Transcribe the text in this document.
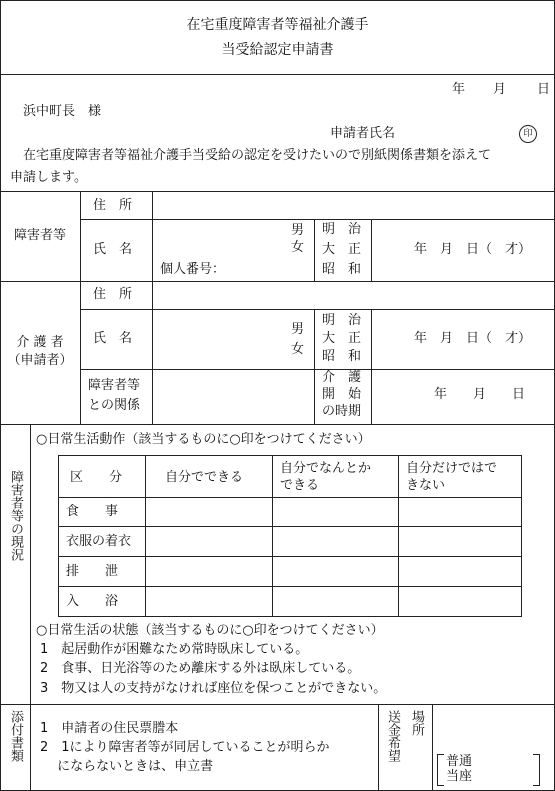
在宅重度障害者等福祉介護手
当受給認定申請書
年 月 日
浜中町長　様
申請者氏名	印
在宅重度障害者等福祉介護手当受給の認定を受けたいので別紙関係書類を添えて
申請します。
障害者等
住　所
氏　名
男
女
個人番号：
明　治
大　正
昭　和
年　月　日（　才）
介 護 者
（申請者）
住　所
氏　名
男
女
明　治
大　正
昭　和
年　月　日（　才）
障害者等
との関係
介　護
開　始
の時期
年　　月　　日
障害者等の現況
○日常生活動作（該当するものに○印をつけてください）
区　　分	自分でできる
自分でなんとか
できる
自分だけではで
きない
食　　事
衣服の着衣
排　　泄
入　　浴
○日常生活の状態（該当するものに○印をつけてください）
1　起居動作が困難なため常時臥床している。
2　食事、日光浴等のため離床する外は臥床している。
3　物又は人の支持がなければ座位を保つことができない。
添付書類 1　申請者の住民票謄本
2　1により障害者等が同居していることが明らか
　 にならないときは、申立書
送金希望 場所
普通
当座
